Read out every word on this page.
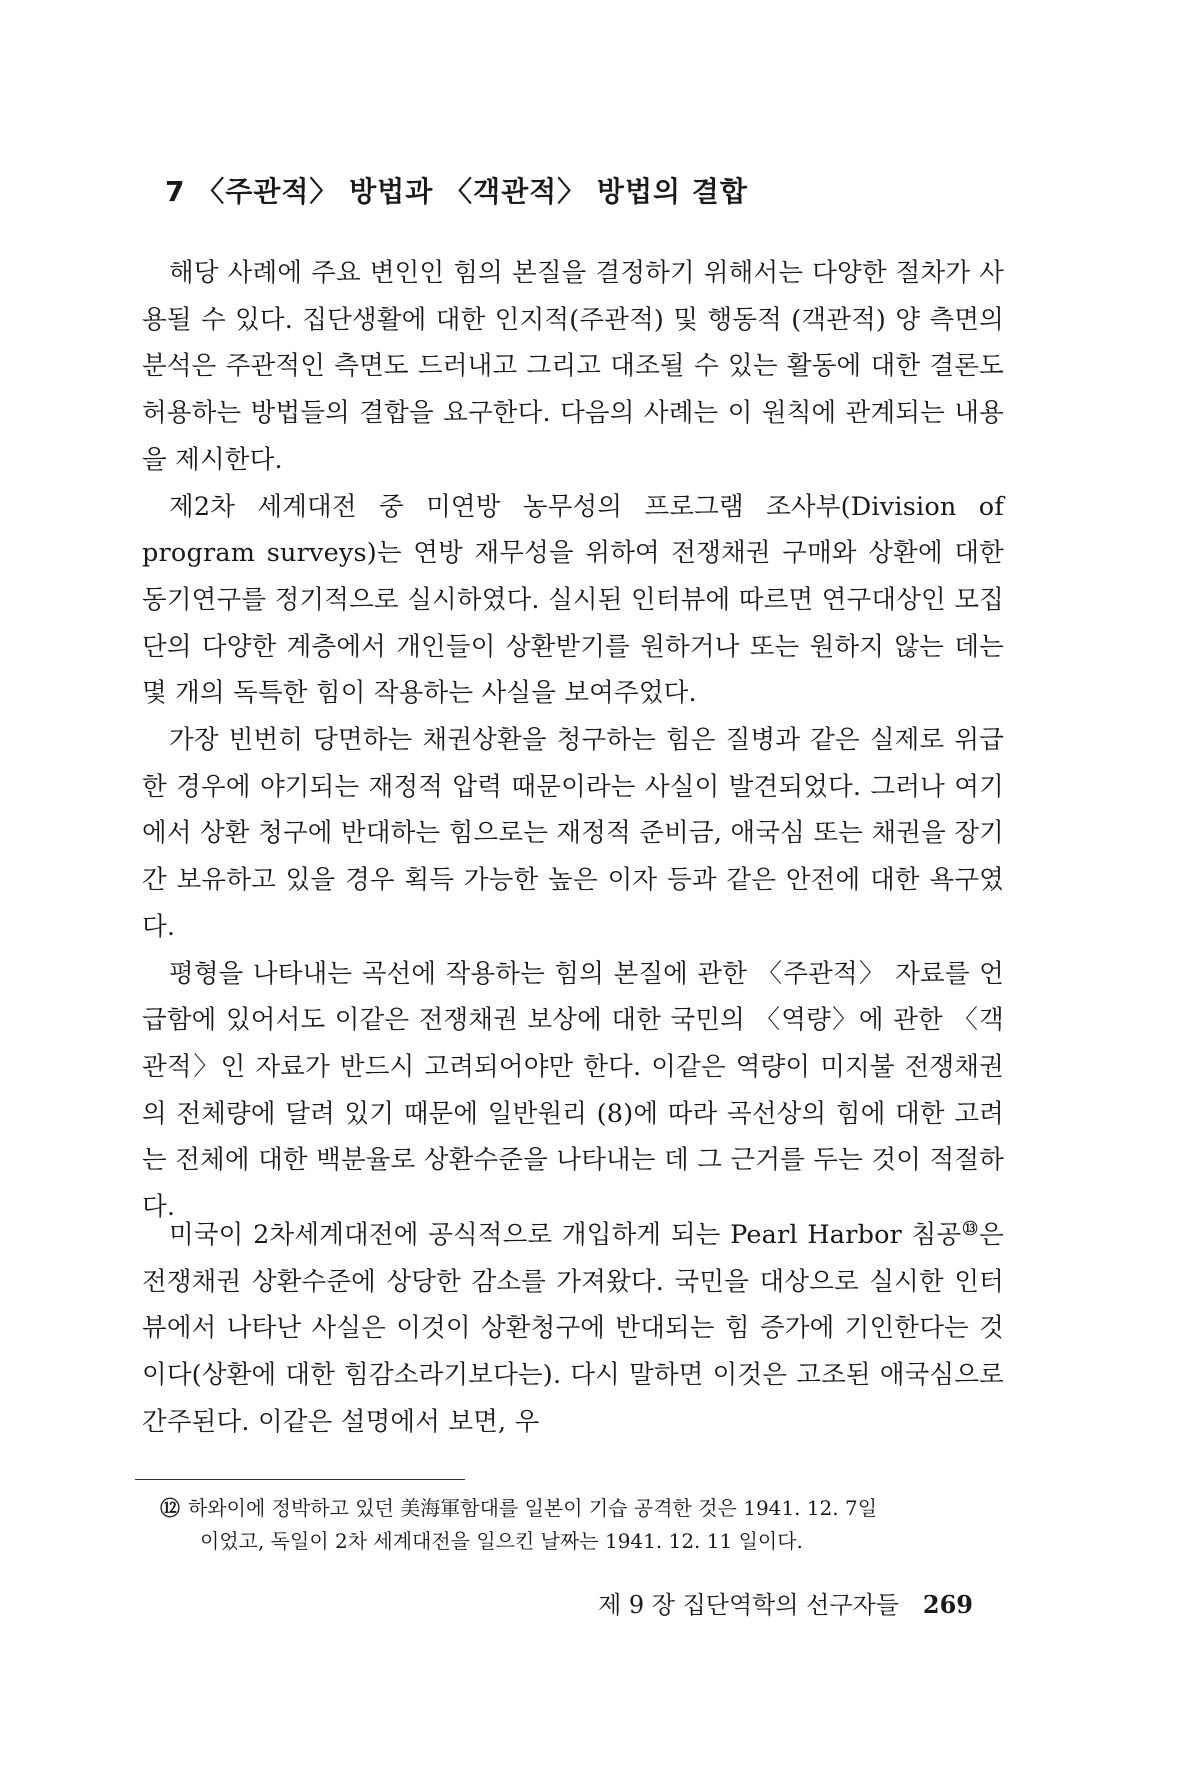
7 〈주관적〉 방법과 〈객관적〉 방법의 결합

해당 사례에 주요 변인인 힘의 본질을 결정하기 위해서는 다양한 절차가 사용될 수 있다. 집단생활에 대한 인지적(주관적) 및 행동적 (객관적) 양 측면의 분석은 주관적인 측면도 드러내고 그리고 대조될 수 있는 활동에 대한 결론도 허용하는 방법들의 결합을 요구한다. 다음의 사례는 이 원칙에 관계되는 내용을 제시한다.

제2차 세계대전 중 미연방 농무성의 프로그램 조사부(Division of program surveys)는 연방 재무성을 위하여 전쟁채권 구매와 상환에 대한 동기연구를 정기적으로 실시하였다. 실시된 인터뷰에 따르면 연구대상인 모집단의 다양한 계층에서 개인들이 상환받기를 원하거나 또는 원하지 않는 데는 몇 개의 독특한 힘이 작용하는 사실을 보여주었다.

가장 빈번히 당면하는 채권상환을 청구하는 힘은 질병과 같은 실제로 위급한 경우에 야기되는 재정적 압력 때문이라는 사실이 발견되었다. 그러나 여기에서 상환 청구에 반대하는 힘으로는 재정적 준비금, 애국심 또는 채권을 장기간 보유하고 있을 경우 획득 가능한 높은 이자 등과 같은 안전에 대한 욕구였다.

평형을 나타내는 곡선에 작용하는 힘의 본질에 관한 〈주관적〉 자료를 언급함에 있어서도 이같은 전쟁채권 보상에 대한 국민의 〈역량〉에 관한 〈객관적〉인 자료가 반드시 고려되어야만 한다. 이같은 역량이 미지불 전쟁채권의 전체량에 달려 있기 때문에 일반원리 (8)에 따라 곡선상의 힘에 대한 고려는 전체에 대한 백분율로 상환수준을 나타내는 데 그 근거를 두는 것이 적절하다.

미국이 2차세계대전에 공식적으로 개입하게 되는 Pearl Harbor 침공⑬은 전쟁채권 상환수준에 상당한 감소를 가져왔다. 국민을 대상으로 실시한 인터뷰에서 나타난 사실은 이것이 상환청구에 반대되는 힘 증가에 기인한다는 것이다(상환에 대한 힘감소라기보다는). 다시 말하면 이것은 고조된 애국심으로 간주된다. 이같은 설명에서 보면, 우

⑫ 하와이에 정박하고 있던 美海軍함대를 일본이 기습 공격한 것은 1941. 12. 7일
이었고, 독일이 2차 세계대전을 일으킨 날짜는 1941. 12. 11 일이다.
제 9 장 집단역학의 선구자들 269
